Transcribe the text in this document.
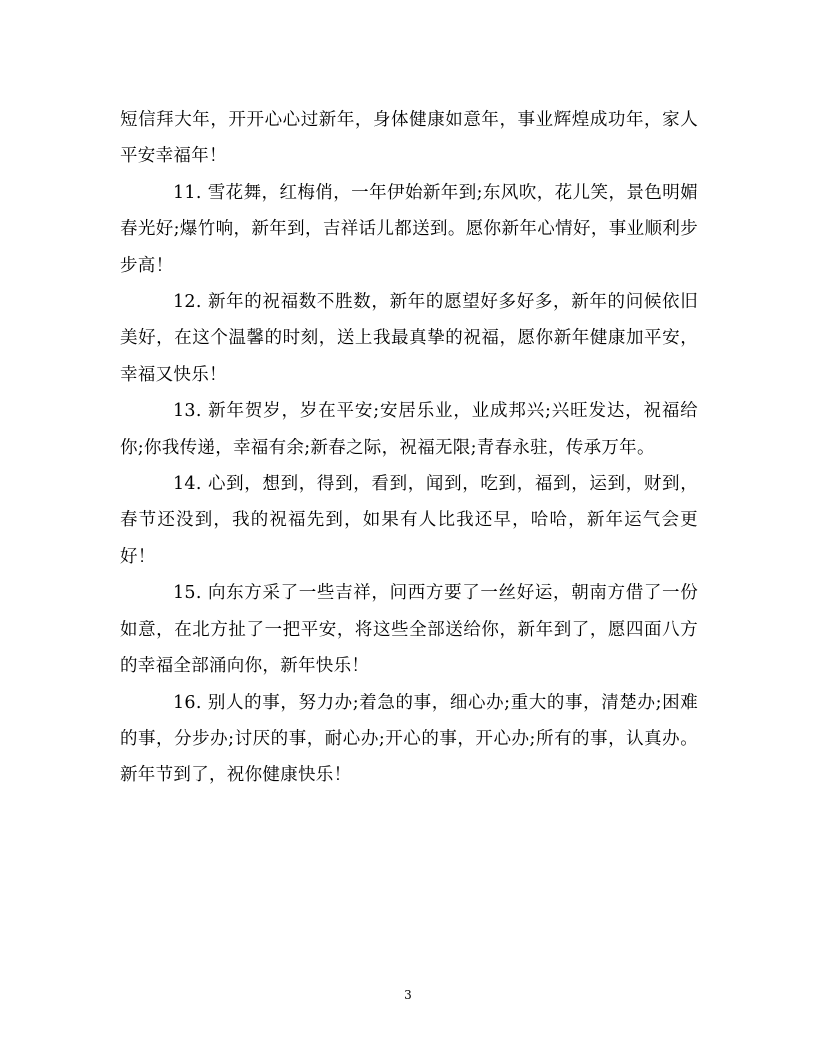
短信拜大年，开开心心过新年，身体健康如意年，事业辉煌成功年，家人平安幸福年！

11. 雪花舞，红梅俏，一年伊始新年到;东风吹，花儿笑，景色明媚春光好;爆竹响，新年到，吉祥话儿都送到。愿你新年心情好，事业顺利步步高！

12. 新年的祝福数不胜数，新年的愿望好多好多，新年的问候依旧美好，在这个温馨的时刻，送上我最真挚的祝福，愿你新年健康加平安，幸福又快乐！

13. 新年贺岁，岁在平安;安居乐业，业成邦兴;兴旺发达，祝福给你;你我传递，幸福有余;新春之际，祝福无限;青春永驻，传承万年。

14. 心到，想到，得到，看到，闻到，吃到，福到，运到，财到，春节还没到，我的祝福先到，如果有人比我还早，哈哈，新年运气会更好！

15. 向东方采了一些吉祥，问西方要了一丝好运，朝南方借了一份如意，在北方扯了一把平安，将这些全部送给你，新年到了，愿四面八方的幸福全部涌向你，新年快乐！

16. 别人的事，努力办;着急的事，细心办;重大的事，清楚办;困难的事，分步办;讨厌的事，耐心办;开心的事，开心办;所有的事，认真办。新年节到了，祝你健康快乐！

3
